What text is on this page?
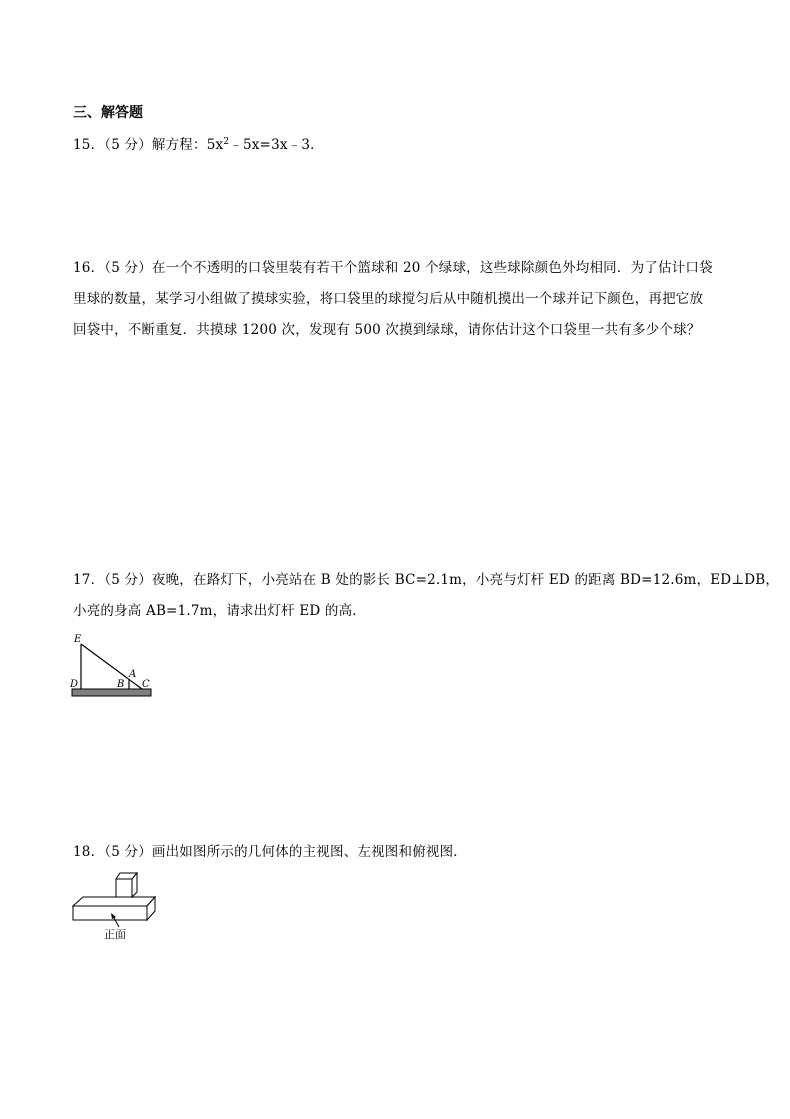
三、解答题
15．（5 分）解方程：$5x^2﹣5x=3x﹣3$．
16．（5 分）在一个不透明的口袋里装有若干个篮球和 20 个绿球，这些球除颜色外均相同．为了估计口袋
里球的数量，某学习小组做了摸球实验，将口袋里的球搅匀后从中随机摸出一个球并记下颜色，再把它放
回袋中，不断重复．共摸球 1200 次，发现有 500 次摸到绿球，请你估计这个口袋里一共有多少个球？
17．（5 分）夜晚，在路灯下，小亮站在 B 处的影长 BC=2.1m，小亮与灯杆 ED 的距离 BD=12.6m，ED⊥DB，
小亮的身高 AB=1.7m，请求出灯杆 ED 的高．
E
D	B
A
C
18．（5 分）画出如图所示的几何体的主视图、左视图和俯视图．
正面
